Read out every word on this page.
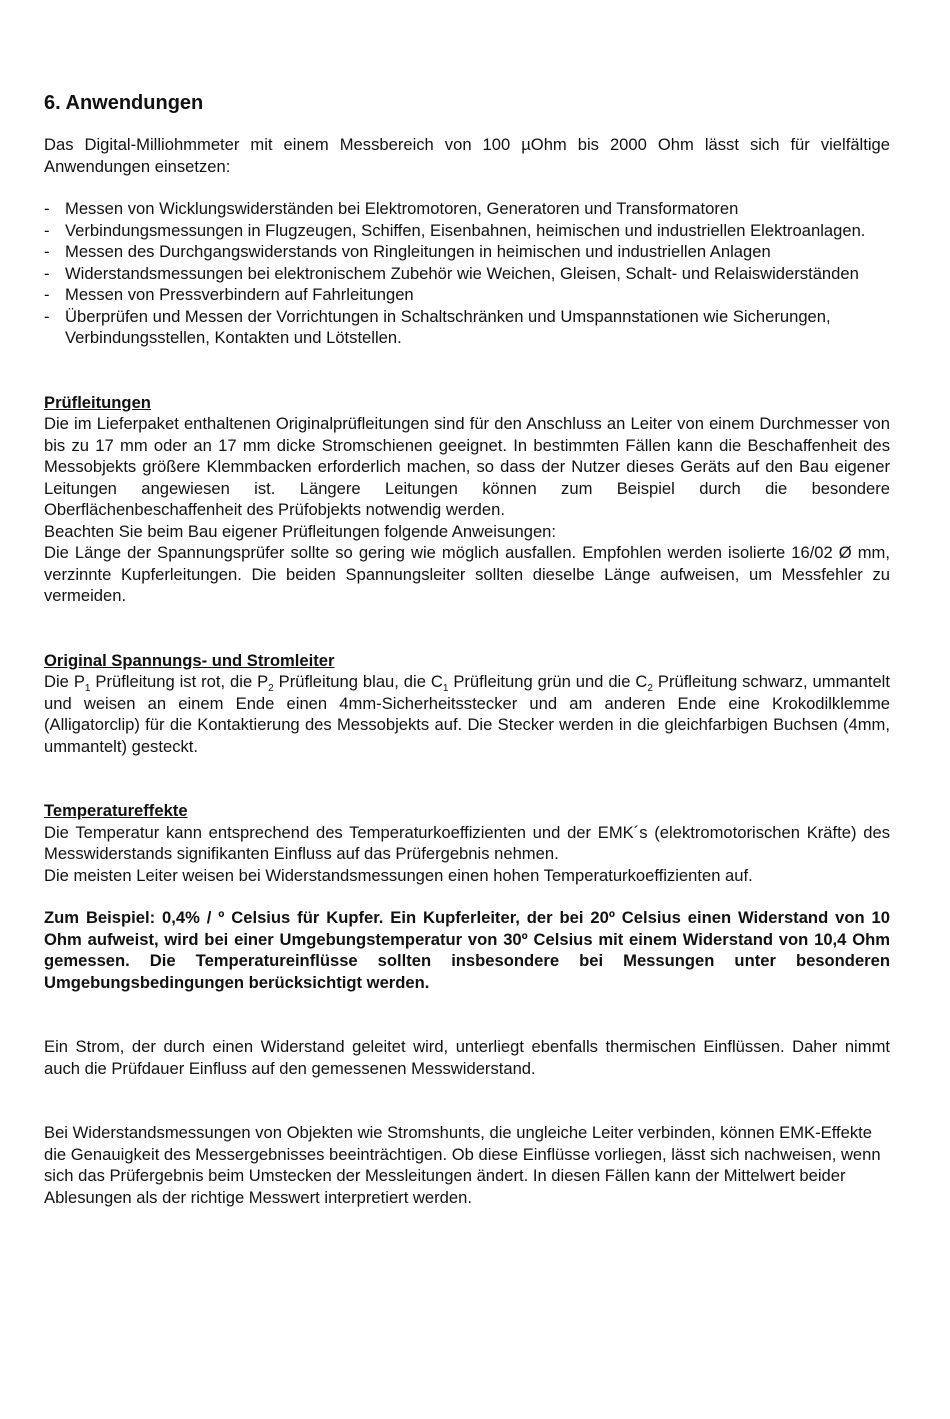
6. Anwendungen

Das Digital-Milliohmmeter mit einem Messbereich von 100 µOhm bis 2000 Ohm lässt sich für vielfältige Anwendungen einsetzen:

- Messen von Wicklungswiderständen bei Elektromotoren, Generatoren und Transformatoren
- Verbindungsmessungen in Flugzeugen, Schiffen, Eisenbahnen, heimischen und industriellen Elektroanlagen.
- Messen des Durchgangswiderstands von Ringleitungen in heimischen und industriellen Anlagen
- Widerstandsmessungen bei elektronischem Zubehör wie Weichen, Gleisen, Schalt- und Relaiswiderständen
- Messen von Pressverbindern auf Fahrleitungen
- Überprüfen und Messen der Vorrichtungen in Schaltschränken und Umspannstationen wie Sicherungen, Verbindungsstellen, Kontakten und Lötstellen.

Prüfleitungen

Die im Lieferpaket enthaltenen Originalprüfleitungen sind für den Anschluss an Leiter von einem Durchmesser von bis zu 17 mm oder an 17 mm dicke Stromschienen geeignet. In bestimmten Fällen kann die Beschaffenheit des Messobjekts größere Klemmbacken erforderlich machen, so dass der Nutzer dieses Geräts auf den Bau eigener Leitungen angewiesen ist. Längere Leitungen können zum Beispiel durch die besondere Oberflächenbeschaffenheit des Prüfobjekts notwendig werden.

Beachten Sie beim Bau eigener Prüfleitungen folgende Anweisungen:

Die Länge der Spannungsprüfer sollte so gering wie möglich ausfallen. Empfohlen werden isolierte 16/02 Ø mm, verzinnte Kupferleitungen. Die beiden Spannungsleiter sollten dieselbe Länge aufweisen, um Messfehler zu vermeiden.

Original Spannungs- und Stromleiter

Die $P_1$ Prüfleitung ist rot, die $P_2$ Prüfleitung blau, die $C_1$ Prüfleitung grün und die $C_2$ Prüfleitung schwarz, ummantelt und weisen an einem Ende einen 4mm-Sicherheitsstecker und am anderen Ende eine Krokodilklemme (Alligatorclip) für die Kontaktierung des Messobjekts auf. Die Stecker werden in die gleichfarbigen Buchsen (4mm, ummantelt) gesteckt.

Temperatureffekte

Die Temperatur kann entsprechend des Temperaturkoeffizienten und der EMK´s (elektromotorischen Kräfte) des Messwiderstands signifikanten Einfluss auf das Prüfergebnis nehmen.

Die meisten Leiter weisen bei Widerstandsmessungen einen hohen Temperaturkoeffizienten auf.

Zum Beispiel: 0,4% / º Celsius für Kupfer. Ein Kupferleiter, der bei 20º Celsius einen Widerstand von 10 Ohm aufweist, wird bei einer Umgebungstemperatur von 30º Celsius mit einem Widerstand von 10,4 Ohm gemessen. Die Temperatureinflüsse sollten insbesondere bei Messungen unter besonderen Umgebungsbedingungen berücksichtigt werden.

Ein Strom, der durch einen Widerstand geleitet wird, unterliegt ebenfalls thermischen Einflüssen. Daher nimmt auch die Prüfdauer Einfluss auf den gemessenen Messwiderstand.

Bei Widerstandsmessungen von Objekten wie Stromshunts, die ungleiche Leiter verbinden, können EMK-Effekte die Genauigkeit des Messergebnisses beeinträchtigen. Ob diese Einflüsse vorliegen, lässt sich nachweisen, wenn sich das Prüfergebnis beim Umstecken der Messleitungen ändert. In diesen Fällen kann der Mittelwert beider Ablesungen als der richtige Messwert interpretiert werden.
